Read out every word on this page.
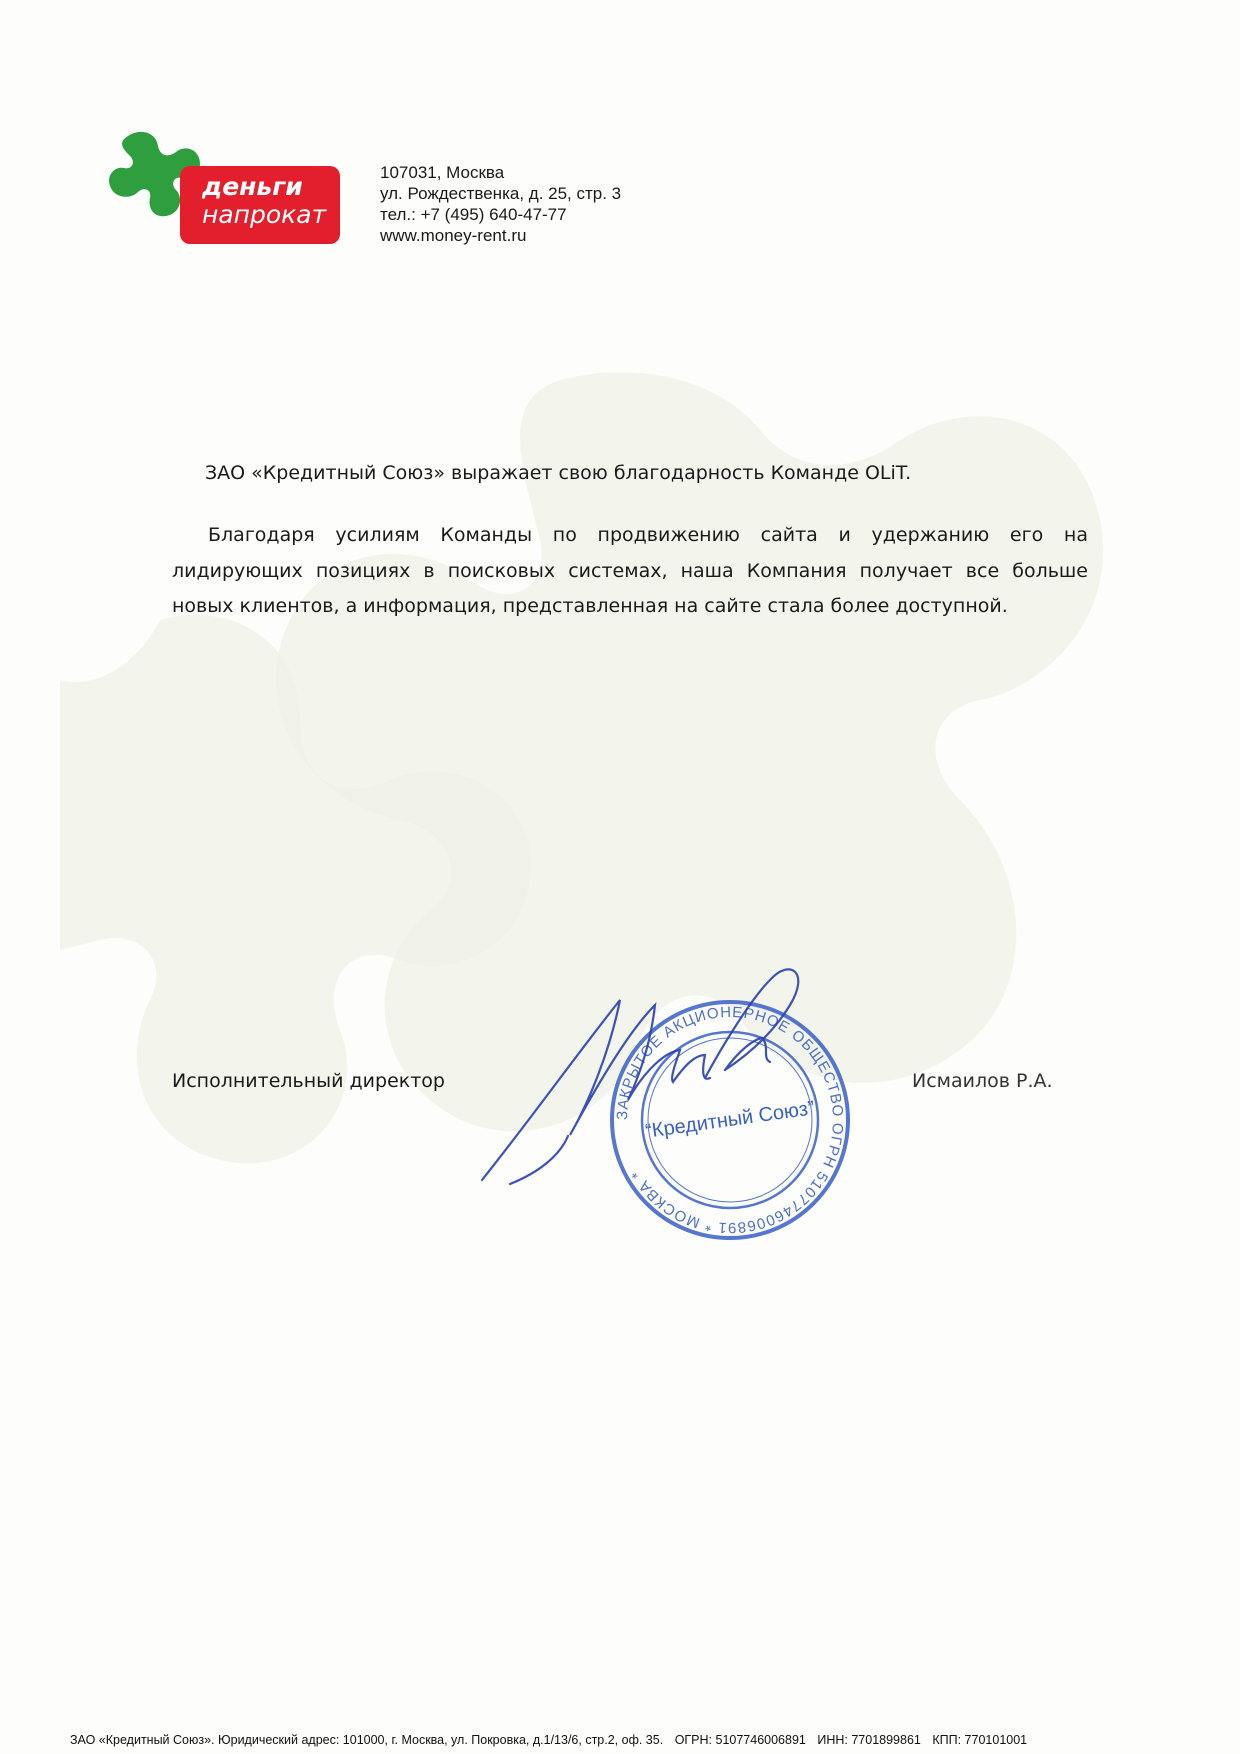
деньги
напрокат
107031, Москва
ул. Рождественка, д. 25, стр. 3
тел.: +7 (495) 640-47-77
www.money-rent.ru
ЗАО «Кредитный Союз» выражает свою благодарность Команде OLiT.
Благодаря усилиям Команды по продвижению сайта и удержанию его на лидирующих позициях в поисковых системах, наша Компания получает все больше новых клиентов, а информация, представленная на сайте стала более доступной.
Исполнительный директор	Исмаилов Р.А.
ЗАКРЫТОЕ АКЦИОНЕРНОЕ ОБЩЕСТВО ОГРН 5107746006891 * МОСКВА *
“Кредитный Союз”
ЗАО «Кредитный Союз». Юридический адрес: 101000, г. Москва, ул. Покровка, д.1/13/6, стр.2, оф. 35. ОГРН: 5107746006891 ИНН: 7701899861 КПП: 770101001
